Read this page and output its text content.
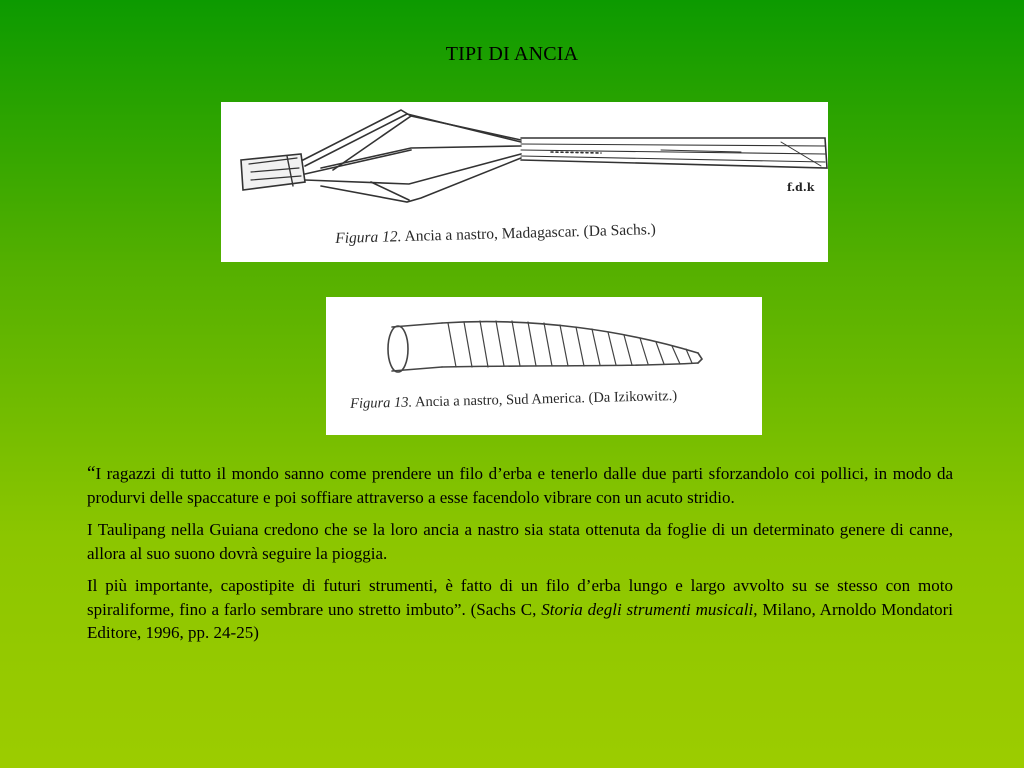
TIPI DI ANCIA
f.d.k
Figura 12. Ancia a nastro, Madagascar. (Da Sachs.)
Figura 13. Ancia a nastro, Sud America. (Da Izikowitz.)

“I ragazzi di tutto il mondo sanno come prendere un filo d’erba e tenerlo dalle due parti sforzandolo coi pollici, in modo da produrvi delle spaccature e poi soffiare attraverso a esse facendolo vibrare con un acuto stridio.

I Taulipang nella Guiana credono che se la loro ancia a nastro sia stata ottenuta da foglie di un determinato genere di canne, allora al suo suono dovrà seguire la pioggia.

Il più importante, capostipite di futuri strumenti, è fatto di un filo d’erba lungo e largo avvolto su se stesso con moto spiraliforme, fino a farlo sembrare uno stretto imbuto”. (Sachs C, Storia degli strumenti musicali, Milano, Arnoldo Mondatori Editore, 1996, pp. 24-25)
